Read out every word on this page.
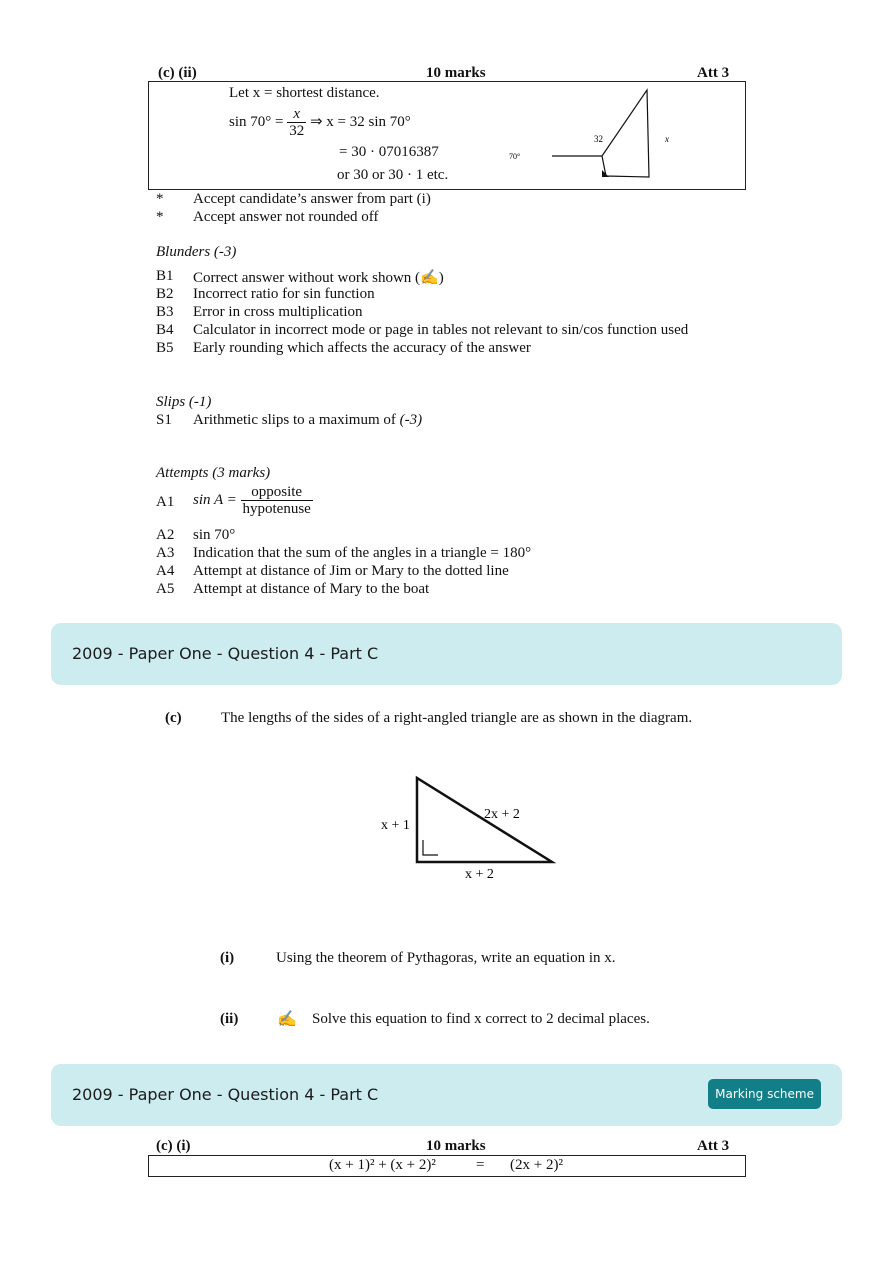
(c) (ii)	10 marks	Att 3
Let x = shortest distance.
$\sin 70^\circ = \frac{x}{32}$ ⇒ x = 32 sin 70°
= 30 · 07016387
or 30 or 30 · 1 etc.
32
70°
x
* Accept candidate’s answer from part (i)
* Accept answer not rounded off
Blunders (-3)
B1 Correct answer without work shown (✍)
B2 Incorrect ratio for sin function
B3 Error in cross multiplication
B4 Calculator in incorrect mode or page in tables not relevant to sin/cos function used
B5 Early rounding which affects the accuracy of the answer
Slips (-1)
S1 Arithmetic slips to a maximum of (-3)
Attempts (3 marks)
A1 $\sin A = \frac{\text{opposite}}{\text{hypotenuse}}$
A2 sin 70°
A3 Indication that the sum of the angles in a triangle = 180°
A4 Attempt at distance of Jim or Mary to the dotted line
A5 Attempt at distance of Mary to the boat
2009 - Paper One - Question 4 - Part C
(c)	The lengths of the sides of a right-angled triangle are as shown in the diagram.
x + 1
2x + 2
x + 2
(i)	Using the theorem of Pythagoras, write an equation in x.
(ii) ✍ Solve this equation to find x correct to 2 decimal places.
2009 - Paper One - Question 4 - Part C	Marking scheme
(c) (i)	10 marks	Att 3
(x + 1)² + (x + 2)²	= (2x + 2)²
